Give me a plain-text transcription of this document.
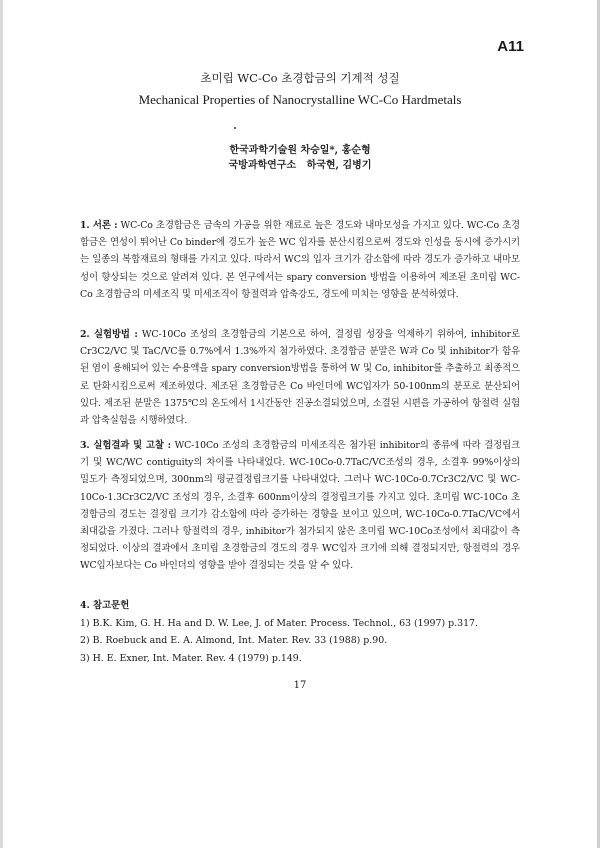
A11
초미립 WC-Co 초경합금의 기계적 성질
Mechanical Properties of Nanocrystalline WC-Co Hardmetals
한국과학기술원 차승일*, 홍순형
국방과학연구소   하국현, 김병기

1. 서론 : WC-Co 초경합금은 금속의 가공을 위한 재료로 높은 경도와 내마모성을 가지고 있다. WC-Co 초경합금은 연성이 뛰어난 Co binder에 경도가 높은 WC 입자를 분산시킴으로써 경도와 인성을 동시에 증가시키는 일종의 복합재료의 형태를 가지고 있다. 따라서 WC의 입자 크기가 감소함에 따라 경도가 증가하고 내마모성이 향상되는 것으로 알려져 있다. 본 연구에서는 spary conversion 방법을 이용하여 제조된 초미립 WC-Co 초경합금의 미세조직 및 미세조직이 항절력과 압축강도, 경도에 미치는 영향을 분석하였다.

2. 실험방법 : WC-10Co 조성의 초경합금의 기본으로 하여, 결정립 성장을 억제하기 위하여, inhibitor로 Cr3C2/VC 및 TaC/VC를 0.7%에서 1.3%까지 첨가하였다. 초경합금 분말은 W과 Co 및 inhibitor가 함유된 염이 용해되어 있는 수용액을 spary conversion방법을 통하여 W 및 Co, inhibitor를 추출하고 최종적으로 탄화시킴으로써 제조하였다. 제조된 초경합금은 Co 바인더에 WC입자가 50-100nm의 분포로 분산되어 있다. 제조된 분말은 1375℃의 온도에서 1시간동안 진공소결되었으며, 소결된 시편을 가공하여 항절력 실험과 압축실험을 시행하였다.

3. 실험결과 및 고찰 : WC-10Co 조성의 초경합금의 미세조직은 첨가된 inhibitor의 종류에 따라 결정립크기 및 WC/WC contiguity의 차이를 나타내었다. WC-10Co-0.7TaC/VC조성의 경우, 소결후 99%이상의 밀도가 측정되었으며, 300nm의 평균결정립크기를 나타내었다. 그러나 WC-10Co-0.7Cr3C2/VC 및 WC-10Co-1.3Cr3C2/VC 조성의 경우, 소결후 600nm이상의 결정립크기를 가지고 있다. 초미립 WC-10Co 초경합금의 경도는 결정립 크기가 감소함에 따라 증가하는 경향을 보이고 있으며, WC-10Co-0.7TaC/VC에서 최대값을 가졌다. 그러나 항절력의 경우, inhibitor가 첨가되지 않은 초미립 WC-10Co조성에서 최대값이 측정되었다. 이상의 결과에서 초미립 초경합금의 경도의 경우 WC입자 크기에 의해 결정되지만, 항절력의 경우 WC입자보다는 Co 바인더의 영향을 받아 결정되는 것을 알 수 있다.

4. 참고문헌
1) B.K. Kim, G. H. Ha and D. W. Lee, J. of Mater. Process. Technol., 63 (1997) p.317.
2) B. Roebuck and E. A. Almond, Int. Mater. Rev. 33 (1988) p.90.
3) H. E. Exner, Int. Mater. Rev. 4 (1979) p.149.
17
